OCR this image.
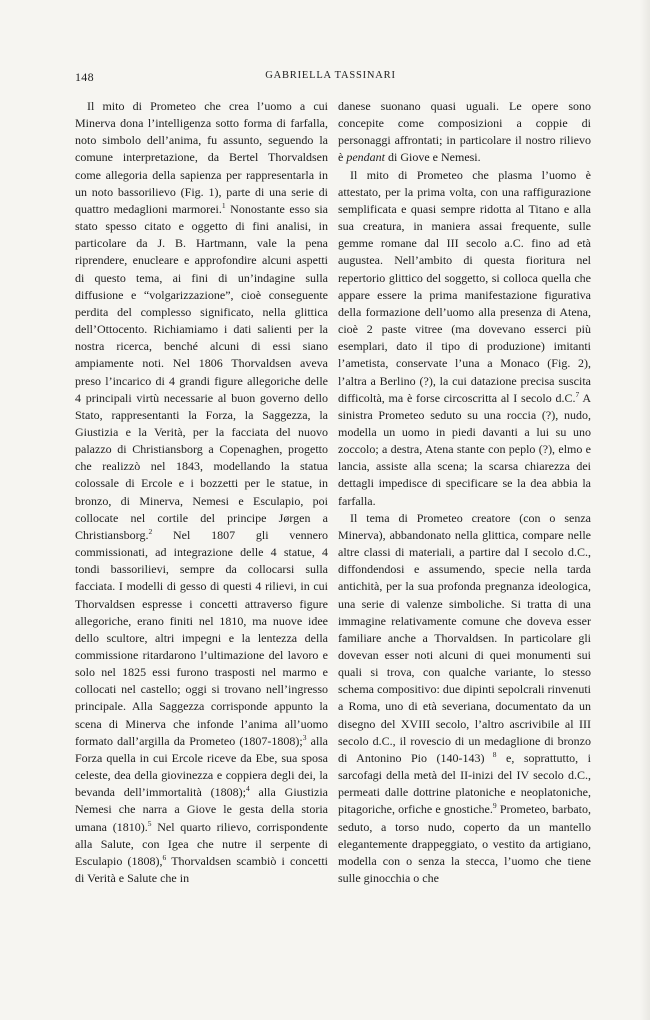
148	GABRIELLA TASSINARI

Il mito di Prometeo che crea l’uomo a cui Minerva dona l’intelligenza sotto forma di farfalla, noto simbolo dell’anima, fu assunto, seguendo la comune interpretazione, da Bertel Thorvaldsen come allegoria della sapienza per rappresentarla in un noto bassorilievo (Fig. 1), parte di una serie di quattro medaglioni marmorei.$^1$ Nonostante esso sia stato spesso citato e oggetto di fini analisi, in particolare da J. B. Hartmann, vale la pena riprendere, enucleare e approfondire alcuni aspetti di questo tema, ai fini di un’indagine sulla diffusione e “volgarizzazione”, cioè conseguente perdita del complesso significato, nella glittica dell’Ottocento. Richiamiamo i dati salienti per la nostra ricerca, benché alcuni di essi siano ampiamente noti. Nel 1806 Thorvaldsen aveva preso l’incarico di 4 grandi figure allegoriche delle 4 principali virtù necessarie al buon governo dello Stato, rappresentanti la Forza, la Saggezza, la Giustizia e la Verità, per la facciata del nuovo palazzo di Christiansborg a Copenaghen, progetto che realizzò nel 1843, modellando la statua colossale di Ercole e i bozzetti per le statue, in bronzo, di Minerva, Nemesi e Esculapio, poi collocate nel cortile del principe Jørgen a Christiansborg.$^2$ Nel 1807 gli vennero commissionati, ad integrazione delle 4 statue, 4 tondi bassorilievi, sempre da collocarsi sulla facciata. I modelli di gesso di questi 4 rilievi, in cui Thorvaldsen espresse i concetti attraverso figure allegoriche, erano finiti nel 1810, ma nuove idee dello scultore, altri impegni e la lentezza della commissione ritardarono l’ultimazione del lavoro e solo nel 1825 essi furono trasposti nel marmo e collocati nel castello; oggi si trovano nell’ingresso principale. Alla Saggezza corrisponde appunto la scena di Minerva che infonde l’anima all’uomo formato dall’argilla da Prometeo (1807-1808);$^3$ alla Forza quella in cui Ercole riceve da Ebe, sua sposa celeste, dea della giovinezza e coppiera degli dei, la bevanda dell’immortalità (1808);$^4$ alla Giustizia Nemesi che narra a Giove le gesta della storia umana (1810).$^5$ Nel quarto rilievo, corrispondente alla Salute, con Igea che nutre il serpente di Esculapio (1808),$^6$ Thorvaldsen scambiò i concetti di Verità e Salute che in

danese suonano quasi uguali. Le opere sono concepite come composizioni a coppie di personaggi affrontati; in particolare il nostro rilievo è pendant di Giove e Nemesi.

Il mito di Prometeo che plasma l’uomo è attestato, per la prima volta, con una raffigurazione semplificata e quasi sempre ridotta al Titano e alla sua creatura, in maniera assai frequente, sulle gemme romane dal III secolo a.C. fino ad età augustea. Nell’ambito di questa fioritura nel repertorio glittico del soggetto, si colloca quella che appare essere la prima manifestazione figurativa della formazione dell’uomo alla presenza di Atena, cioè 2 paste vitree (ma dovevano esserci più esemplari, dato il tipo di produzione) imitanti l’ametista, conservate l’una a Monaco (Fig. 2), l’altra a Berlino (?), la cui datazione precisa suscita difficoltà, ma è forse circoscritta al I secolo d.C.$^7$ A sinistra Prometeo seduto su una roccia (?), nudo, modella un uomo in piedi davanti a lui su uno zoccolo; a destra, Atena stante con peplo (?), elmo e lancia, assiste alla scena; la scarsa chiarezza dei dettagli impedisce di specificare se la dea abbia la farfalla.

Il tema di Prometeo creatore (con o senza Minerva), abbandonato nella glittica, compare nelle altre classi di materiali, a partire dal I secolo d.C., diffondendosi e assumendo, specie nella tarda antichità, per la sua profonda pregnanza ideologica, una serie di valenze simboliche. Si tratta di una immagine relativamente comune che doveva esser familiare anche a Thorvaldsen. In particolare gli dovevan esser noti alcuni di quei monumenti sui quali si trova, con qualche variante, lo stesso schema compositivo: due dipinti sepolcrali rinvenuti a Roma, uno di età severiana, documentato da un disegno del XVIII secolo, l’altro ascrivibile al III secolo d.C., il rovescio di un medaglione di bronzo di Antonino Pio (140-143) $^8$ e, soprattutto, i sarcofagi della metà del II-inizi del IV secolo d.C., permeati dalle dottrine platoniche e neoplatoniche, pitagoriche, orfiche e gnostiche.$^9$ Prometeo, barbato, seduto, a torso nudo, coperto da un mantello elegantemente drappeggiato, o vestito da artigiano, modella con o senza la stecca, l’uomo che tiene sulle ginocchia o che
